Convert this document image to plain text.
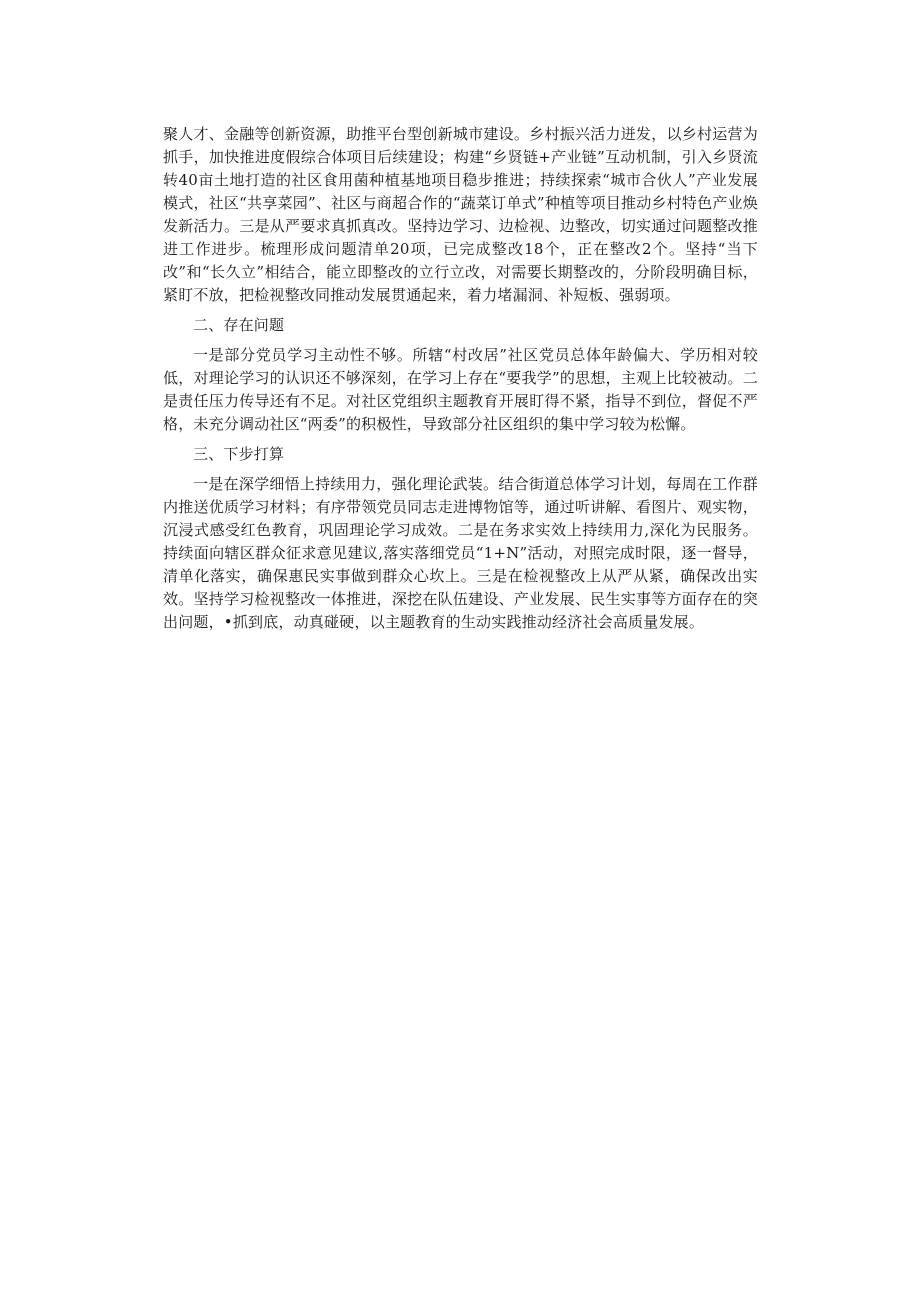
聚人才、金融等创新资源，助推平台型创新城市建设。乡村振兴活力迸发，以乡村运营为抓手，加快推进度假综合体项目后续建设；构建“乡贤链+产业链”互动机制，引入乡贤流转40亩土地打造的社区食用菌种植基地项目稳步推进；持续探索“城市合伙人”产业发展模式，社区“共享菜园”、社区与商超合作的“蔬菜订单式”种植等项目推动乡村特色产业焕发新活力。三是从严要求真抓真改。坚持边学习、边检视、边整改，切实通过问题整改推进工作进步。梳理形成问题清单20项，已完成整改18个，正在整改2个。坚持“当下改”和“长久立”相结合，能立即整改的立行立改，对需要长期整改的，分阶段明确目标，紧盯不放，把检视整改同推动发展贯通起来，着力堵漏洞、补短板、强弱项。

二、存在问题

一是部分党员学习主动性不够。所辖“村改居”社区党员总体年龄偏大、学历相对较低，对理论学习的认识还不够深刻，在学习上存在“要我学”的思想，主观上比较被动。二是责任压力传导还有不足。对社区党组织主题教育开展盯得不紧，指导不到位，督促不严格，未充分调动社区“两委”的积极性，导致部分社区组织的集中学习较为松懈。

三、下步打算

一是在深学细悟上持续用力，强化理论武装。结合街道总体学习计划，每周在工作群内推送优质学习材料；有序带领党员同志走进博物馆等，通过听讲解、看图片、观实物，沉浸式感受红色教育，巩固理论学习成效。二是在务求实效上持续用力,深化为民服务。持续面向辖区群众征求意见建议,落实落细党员“1+N”活动，对照完成时限，逐一督导，清单化落实，确保惠民实事做到群众心坎上。三是在检视整改上从严从紧，确保改出实效。坚持学习检视整改一体推进，深挖在队伍建设、产业发展、民生实事等方面存在的突出问题，•抓到底，动真碰硬，以主题教育的生动实践推动经济社会高质量发展。
